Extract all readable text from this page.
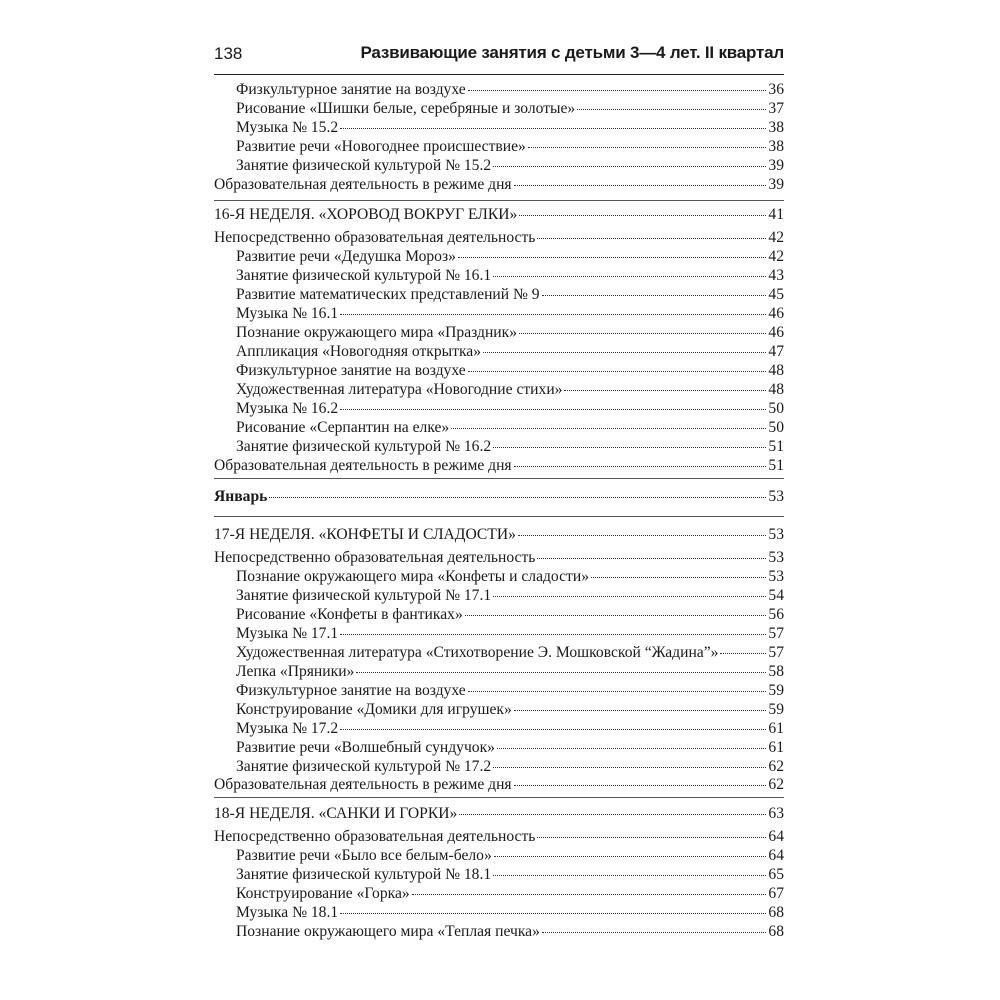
138	Развивающие занятия с детьми 3—4 лет. II квартал
Физкультурное занятие на воздухе	36
Рисование «Шишки белые, серебряные и золотые»	37
Музыка № 15.2	38
Развитие речи «Новогоднее происшествие»	38
Занятие физической культурой № 15.2	39
Образовательная деятельность в режиме дня	39
16-Я НЕДЕЛЯ. «ХОРОВОД ВОКРУГ ЕЛКИ»	41
Непосредственно образовательная деятельность	42
Развитие речи «Дедушка Мороз»	42
Занятие физической культурой № 16.1	43
Развитие математических представлений № 9	45
Музыка № 16.1	46
Познание окружающего мира «Праздник»	46
Аппликация «Новогодняя открытка»	47
Физкультурное занятие на воздухе	48
Художественная литература «Новогодние стихи»	48
Музыка № 16.2	50
Рисование «Серпантин на елке»	50
Занятие физической культурой № 16.2	51
Образовательная деятельность в режиме дня	51
Январь	53
17-Я НЕДЕЛЯ. «КОНФЕТЫ И СЛАДОСТИ»	53
Непосредственно образовательная деятельность	53
Познание окружающего мира «Конфеты и сладости»	53
Занятие физической культурой № 17.1	54
Рисование «Конфеты в фантиках»	56
Музыка № 17.1	57
Художественная литература «Стихотворение Э. Мошковской “Жадина”»	57
Лепка «Пряники»	58
Физкультурное занятие на воздухе	59
Конструирование «Домики для игрушек»	59
Музыка № 17.2	61
Развитие речи «Волшебный сундучок»	61
Занятие физической культурой № 17.2	62
Образовательная деятельность в режиме дня	62
18-Я НЕДЕЛЯ. «САНКИ И ГОРКИ»	63
Непосредственно образовательная деятельность	64
Развитие речи «Было все белым-бело»	64
Занятие физической культурой № 18.1	65
Конструирование «Горка»	67
Музыка № 18.1	68
Познание окружающего мира «Теплая печка»	68
